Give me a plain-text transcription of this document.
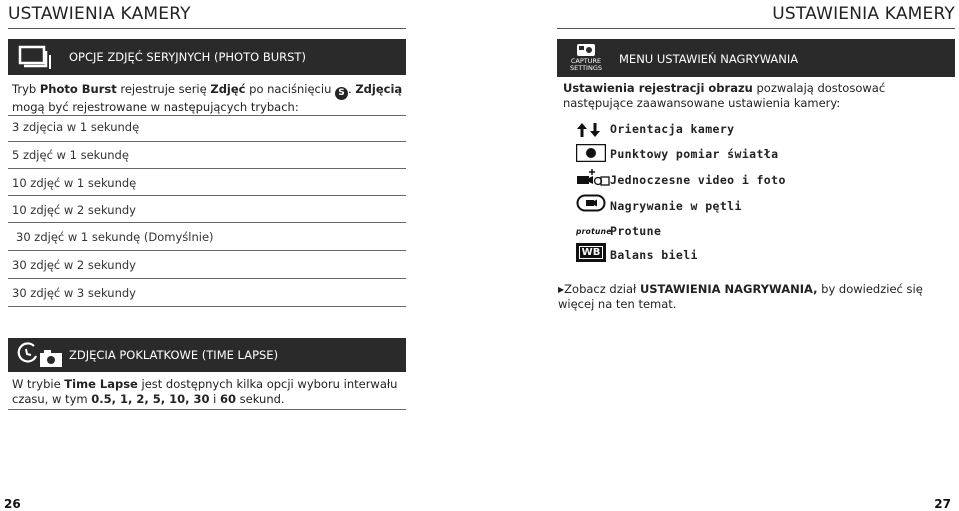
USTAWIENIA KAMERY
OPCJE ZDJĘĆ SERYJNYCH (PHOTO BURST)
Tryb Photo Burst rejestruje serię Zdjęć po naciśnięciu S . Zdjęcią mogą być rejestrowane w następujących trybach:
3 zdjęcia w 1 sekundę
5 zdjęć w 1 sekundę
10 zdjęć w 1 sekundę
10 zdjęć w 2 sekundy
30 zdjęć w 1 sekundę (Domyślnie)
30 zdjęć w 2 sekundy
30 zdjęć w 3 sekundy
ZDJĘCIA POKLATKOWE (TIME LAPSE)
W trybie Time Lapse jest dostępnych kilka opcji wyboru interwału czasu, w tym 0.5, 1, 2, 5, 10, 30 i 60 sekund.
26
USTAWIENIA KAMERY
CAPTURE
SETTINGS
MENU USTAWIEŃ NAGRYWANIA
Ustawienia rejestracji obrazu pozwalają dostosować następujące zaawansowane ustawienia kamery:
Orientacja kamery
Punktowy pomiar światła
Jednoczesne video i foto
Nagrywanie w pętli
protune
Protune
WB Balans bieli
▶Zobacz dział USTAWIENIA NAGRYWANIA, by dowiedzieć się więcej na ten temat.
27
